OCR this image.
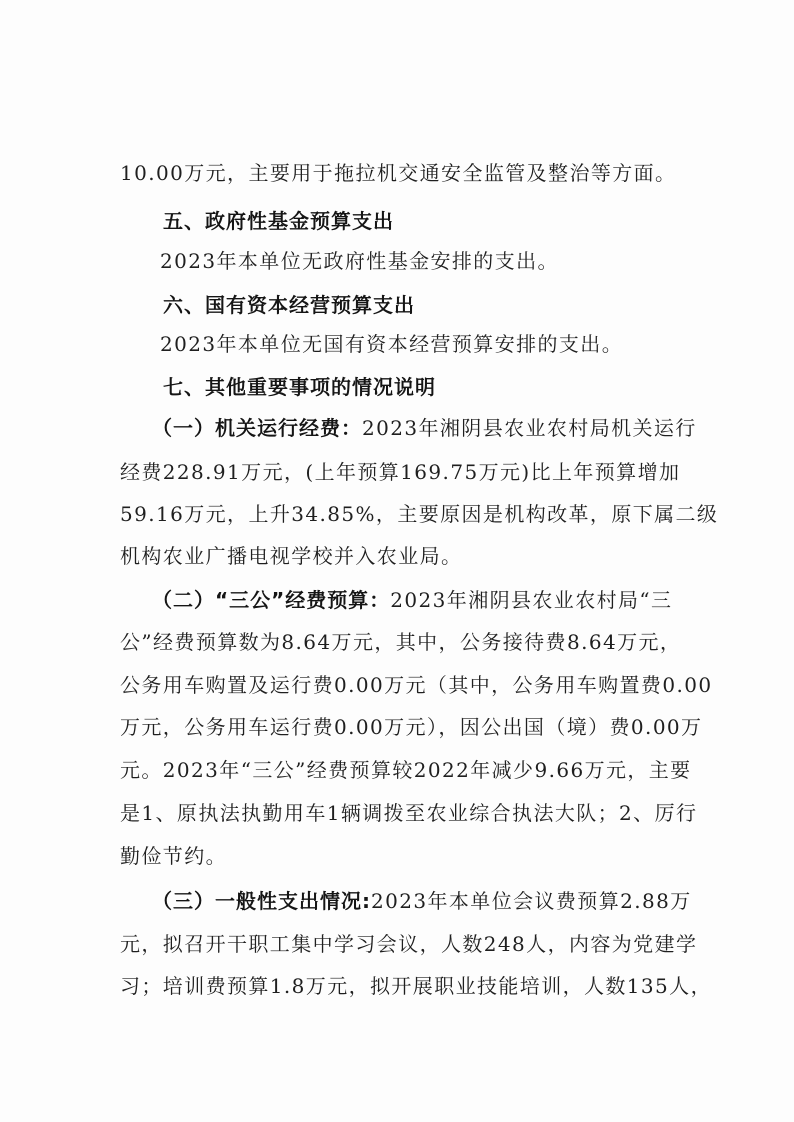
10.00万元，主要用于拖拉机交通安全监管及整治等方面。
五、政府性基金预算支出
2023年本单位无政府性基金安排的支出。
六、国有资本经营预算支出
2023年本单位无国有资本经营预算安排的支出。
七、其他重要事项的情况说明
（一）机关运行经费：2023年湘阴县农业农村局机关运行
经费228.91万元，(上年预算169.75万元)比上年预算增加
59.16万元，上升34.85%，主要原因是机构改革，原下属二级
机构农业广播电视学校并入农业局。
（二）“三公”经费预算：2023年湘阴县农业农村局“三
公”经费预算数为8.64万元，其中，公务接待费8.64万元，
公务用车购置及运行费0.00万元（其中，公务用车购置费0.00
万元，公务用车运行费0.00万元），因公出国（境）费0.00万
元。2023年“三公”经费预算较2022年减少9.66万元，主要
是1、原执法执勤用车1辆调拨至农业综合执法大队；2、厉行
勤俭节约。
（三）一般性支出情况:2023年本单位会议费预算2.88万
元，拟召开干职工集中学习会议，人数248人，内容为党建学
习；培训费预算1.8万元，拟开展职业技能培训，人数135人，
